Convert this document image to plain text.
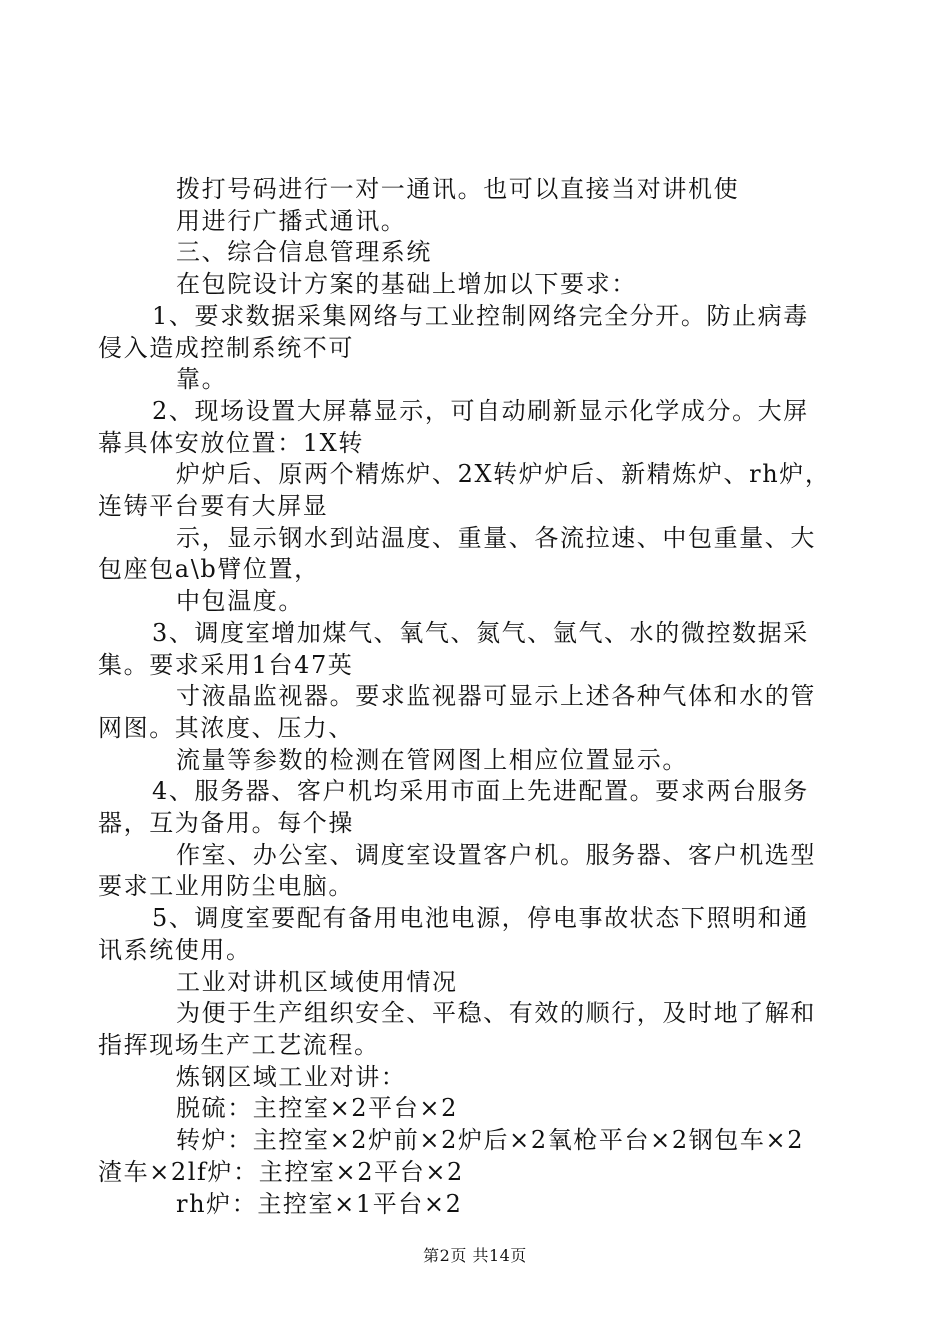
拨打号码进行一对一通讯。也可以直接当对讲机使

用进行广播式通讯。

三、综合信息管理系统

在包院设计方案的基础上增加以下要求：

1、要求数据采集网络与工业控制网络完全分开。防止病毒

侵入造成控制系统不可

靠。

2、现场设置大屏幕显示，可自动刷新显示化学成分。大屏

幕具体安放位置：1X转

炉炉后、原两个精炼炉、2X转炉炉后、新精炼炉、rh炉，

连铸平台要有大屏显

示，显示钢水到站温度、重量、各流拉速、中包重量、大

包座包a\b臂位置，

中包温度。

3、调度室增加煤气、氧气、氮气、氩气、水的微控数据采

集。要求采用1台47英

寸液晶监视器。要求监视器可显示上述各种气体和水的管

网图。其浓度、压力、

流量等参数的检测在管网图上相应位置显示。

4、服务器、客户机均采用市面上先进配置。要求两台服务

器，互为备用。每个操

作室、办公室、调度室设置客户机。服务器、客户机选型

要求工业用防尘电脑。

5、调度室要配有备用电池电源，停电事故状态下照明和通

讯系统使用。

工业对讲机区域使用情况

为便于生产组织安全、平稳、有效的顺行，及时地了解和

指挥现场生产工艺流程。

炼钢区域工业对讲：

脱硫：主控室×2平台×2

转炉：主控室×2炉前×2炉后×2氧枪平台×2钢包车×2

渣车×2lf炉：主控室×2平台×2

rh炉：主控室×1平台×2

第2页 共14页
